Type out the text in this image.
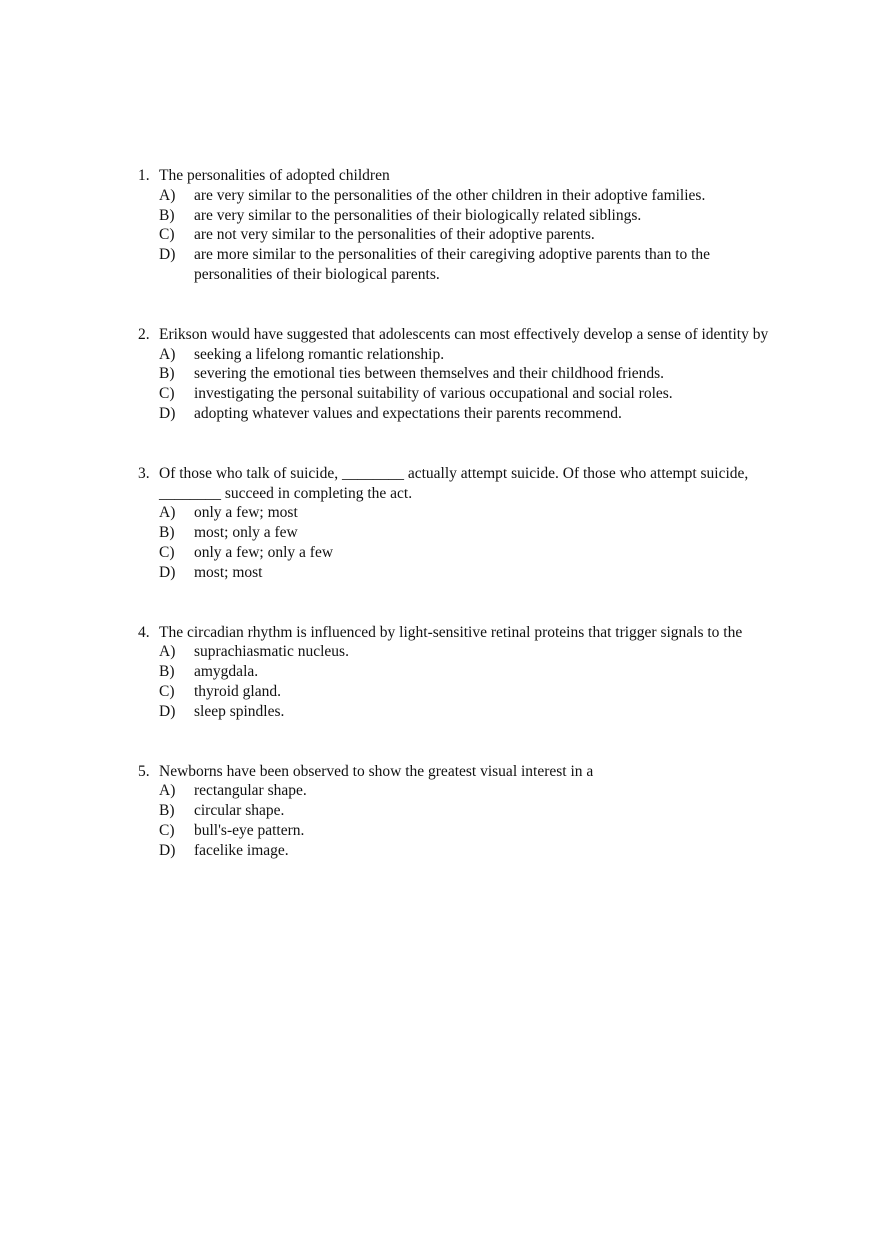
1. The personalities of adopted children
A)	are very similar to the personalities of the other children in their adoptive families.
B)	are very similar to the personalities of their biologically related siblings.
C)	are not very similar to the personalities of their adoptive parents.
D)	are more similar to the personalities of their caregiving adoptive parents than to the personalities of their biological parents.
2. Erikson would have suggested that adolescents can most effectively develop a sense of identity by
A)	seeking a lifelong romantic relationship.
B)	severing the emotional ties between themselves and their childhood friends.
C)	investigating the personal suitability of various occupational and social roles.
D)	adopting whatever values and expectations their parents recommend.
3. Of those who talk of suicide, ________ actually attempt suicide. Of those who attempt suicide, ________ succeed in completing the act.
A)	only a few; most
B)	most; only a few
C)	only a few; only a few
D)	most; most
4. The circadian rhythm is influenced by light-sensitive retinal proteins that trigger signals to the
A)	suprachiasmatic nucleus.
B)	amygdala.
C)	thyroid gland.
D)	sleep spindles.
5. Newborns have been observed to show the greatest visual interest in a
A)	rectangular shape.
B)	circular shape.
C)	bull's-eye pattern.
D)	facelike image.
